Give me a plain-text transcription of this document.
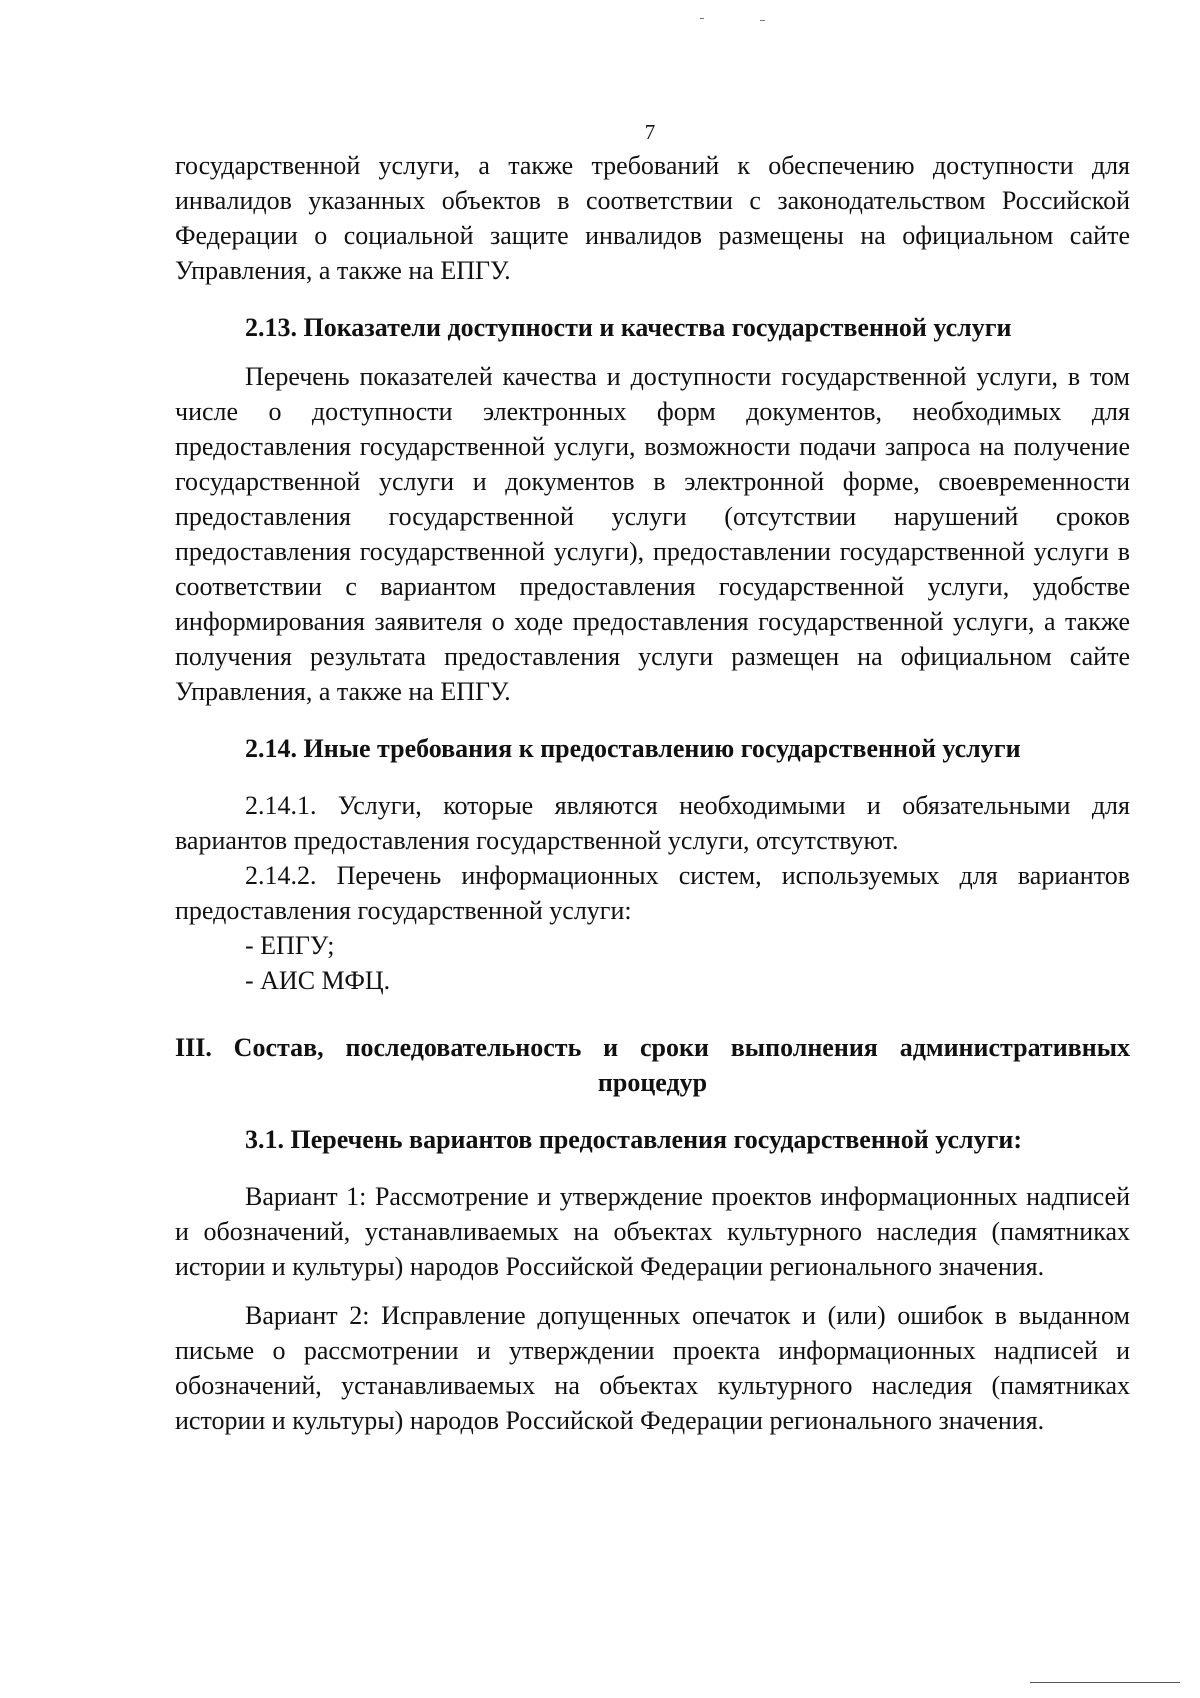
7

государственной услуги, а также требований к обеспечению доступности для инвалидов указанных объектов в соответствии с законодательством Российской Федерации о социальной защите инвалидов размещены на официальном сайте Управления, а также на ЕПГУ.

2.13. Показатели доступности и качества государственной услуги

Перечень показателей качества и доступности государственной услуги, в том числе о доступности электронных форм документов, необходимых для предоставления государственной услуги, возможности подачи запроса на получение государственной услуги и документов в электронной форме, своевременности предоставления государственной услуги (отсутствии нарушений сроков предоставления государственной услуги), предоставлении государственной услуги в соответствии с вариантом предоставления государственной услуги, удобстве информирования заявителя о ходе предоставления государственной услуги, а также получения результата предоставления услуги размещен на официальном сайте Управления, а также на ЕПГУ.

2.14. Иные требования к предоставлению государственной услуги

2.14.1. Услуги, которые являются необходимыми и обязательными для вариантов предоставления государственной услуги, отсутствуют.

2.14.2. Перечень информационных систем, используемых для вариантов предоставления государственной услуги:

- ЕПГУ;

- АИС МФЦ.

III. Состав, последовательность и сроки выполнения административных процедур

3.1. Перечень вариантов предоставления государственной услуги:

Вариант 1: Рассмотрение и утверждение проектов информационных надписей и обозначений, устанавливаемых на объектах культурного наследия (памятниках истории и культуры) народов Российской Федерации регионального значения.

Вариант 2: Исправление допущенных опечаток и (или) ошибок в выданном письме о рассмотрении и утверждении проекта информационных надписей и обозначений, устанавливаемых на объектах культурного наследия (памятниках истории и культуры) народов Российской Федерации регионального значения.
